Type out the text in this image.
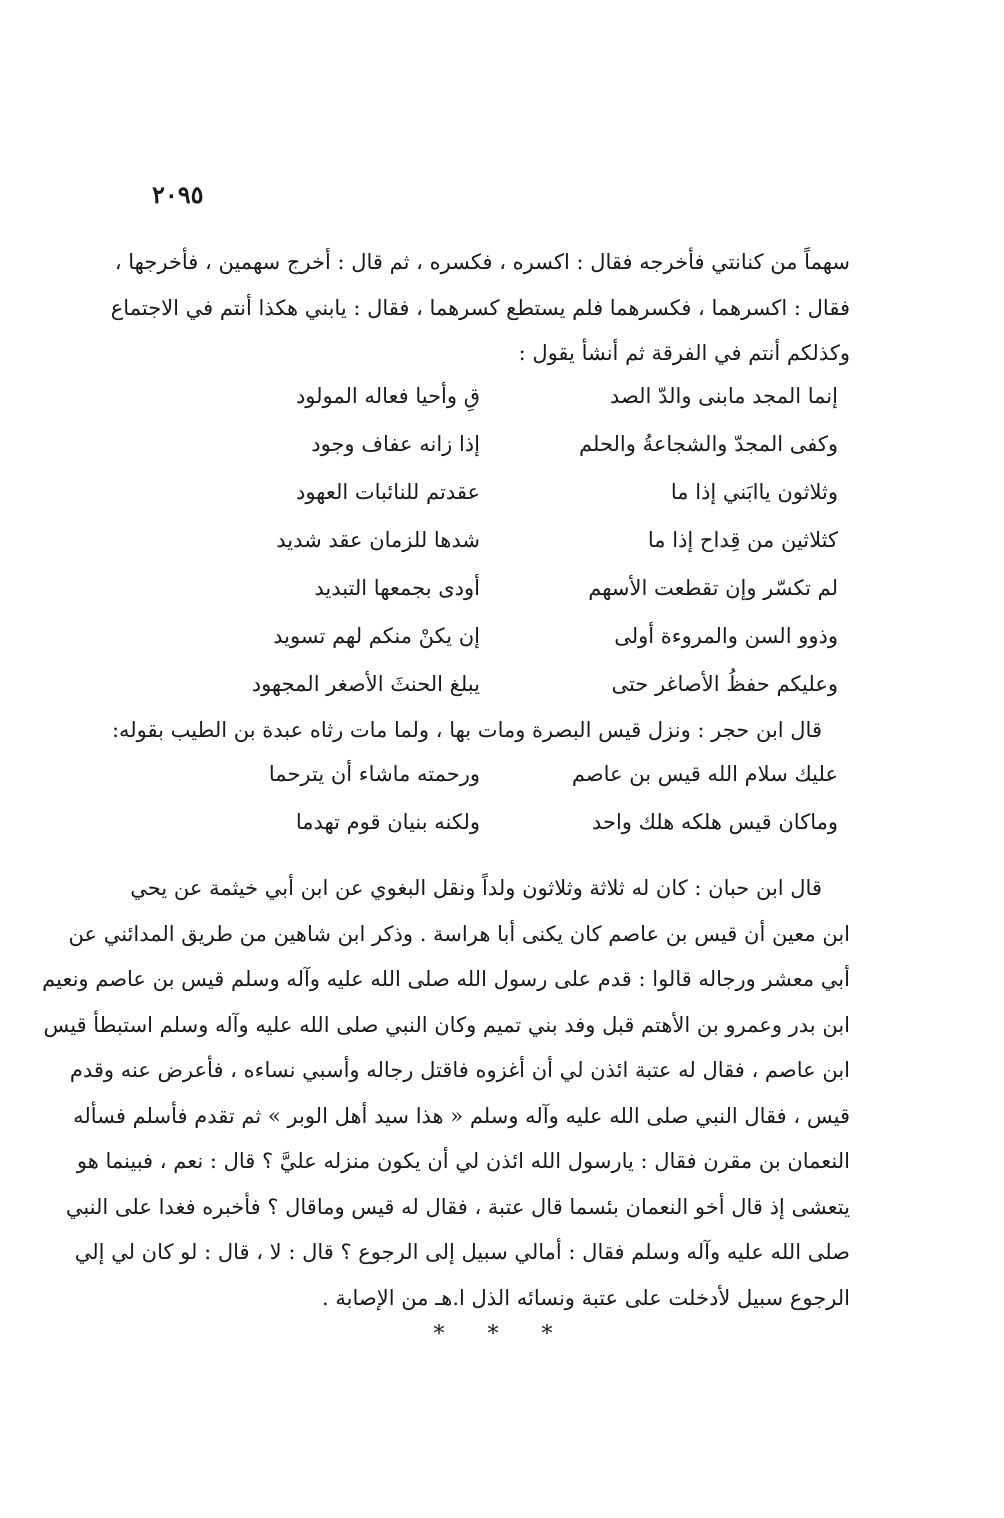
۲۰۹٥
سهماً من كنانتي فأخرجه فقال : اكسره ، فكسره ، ثم قال : أخرج سهمين ، فأخرجها ،
فقال : اكسرهما ، فكسرهما فلم يستطع كسرهما ، فقال : يابني هكذا أنتم في الاجتماع
وكذلكم أنتم في الفرقة ثم أنشأ يقول :
إنما المجد مابنى والدّ الصد
قِ وأحيا فعاله المولود
وكفى المجدّ والشجاعةُ والحلم
إذا زانه عفاف وجود
وثلاثون ياابَني إذا ما
عقدتم للنائبات العهود
كثلاثين من قِداح إذا ما
شدها للزمان عقد شديد
لم تكسّر وإن تقطعت الأسهم
أودى بجمعها التبديد
وذوو السن والمروءة أولى
إن يكنْ منكم لهم تسويد
وعليكم حفظُ الأصاغر حتى
يبلغ الحنثَ الأصغر المجهود
قال ابن حجر : ونزل قيس البصرة ومات بها ، ولما مات رثاه عبدة بن الطيب بقوله:
عليك سلام الله قيس بن عاصم
ورحمته ماشاء أن يترحما
وماكان قيس هلكه هلك واحد
ولكنه بنيان قوم تهدما
قال ابن حبان : كان له ثلاثة وثلاثون ولداً ونقل البغوي عن ابن أبي خيثمة عن يحي
ابن معين أن قيس بن عاصم كان يكنى أبا هراسة . وذكر ابن شاهين من طريق المدائني عن
أبي معشر ورجاله قالوا : قدم على رسول الله صلى الله عليه وآله وسلم قيس بن عاصم ونعيم
ابن بدر وعمرو بن الأهتم قبل وفد بني تميم وكان النبي صلى الله عليه وآله وسلم استبطأ قيس
ابن عاصم ، فقال له عتبة ائذن لي أن أغزوه فاقتل رجاله وأسبي نساءه ، فأعرض عنه وقدم
قيس ، فقال النبي صلى الله عليه وآله وسلم « هذا سيد أهل الوبر » ثم تقدم فأسلم فسأله
النعمان بن مقرن فقال : يارسول الله ائذن لي أن يكون منزله عليَّ ؟ قال : نعم ، فبينما هو
يتعشى إذ قال أخو النعمان بئسما قال عتبة ، فقال له قيس وماقال ؟ فأخبره فغدا على النبي
صلى الله عليه وآله وسلم فقال : أمالي سبيل إلى الرجوع ؟ قال : لا ، قال : لو كان لي إلي
الرجوع سبيل لأدخلت على عتبة ونسائه الذل ا.هـ من الإصابة .
* * *
